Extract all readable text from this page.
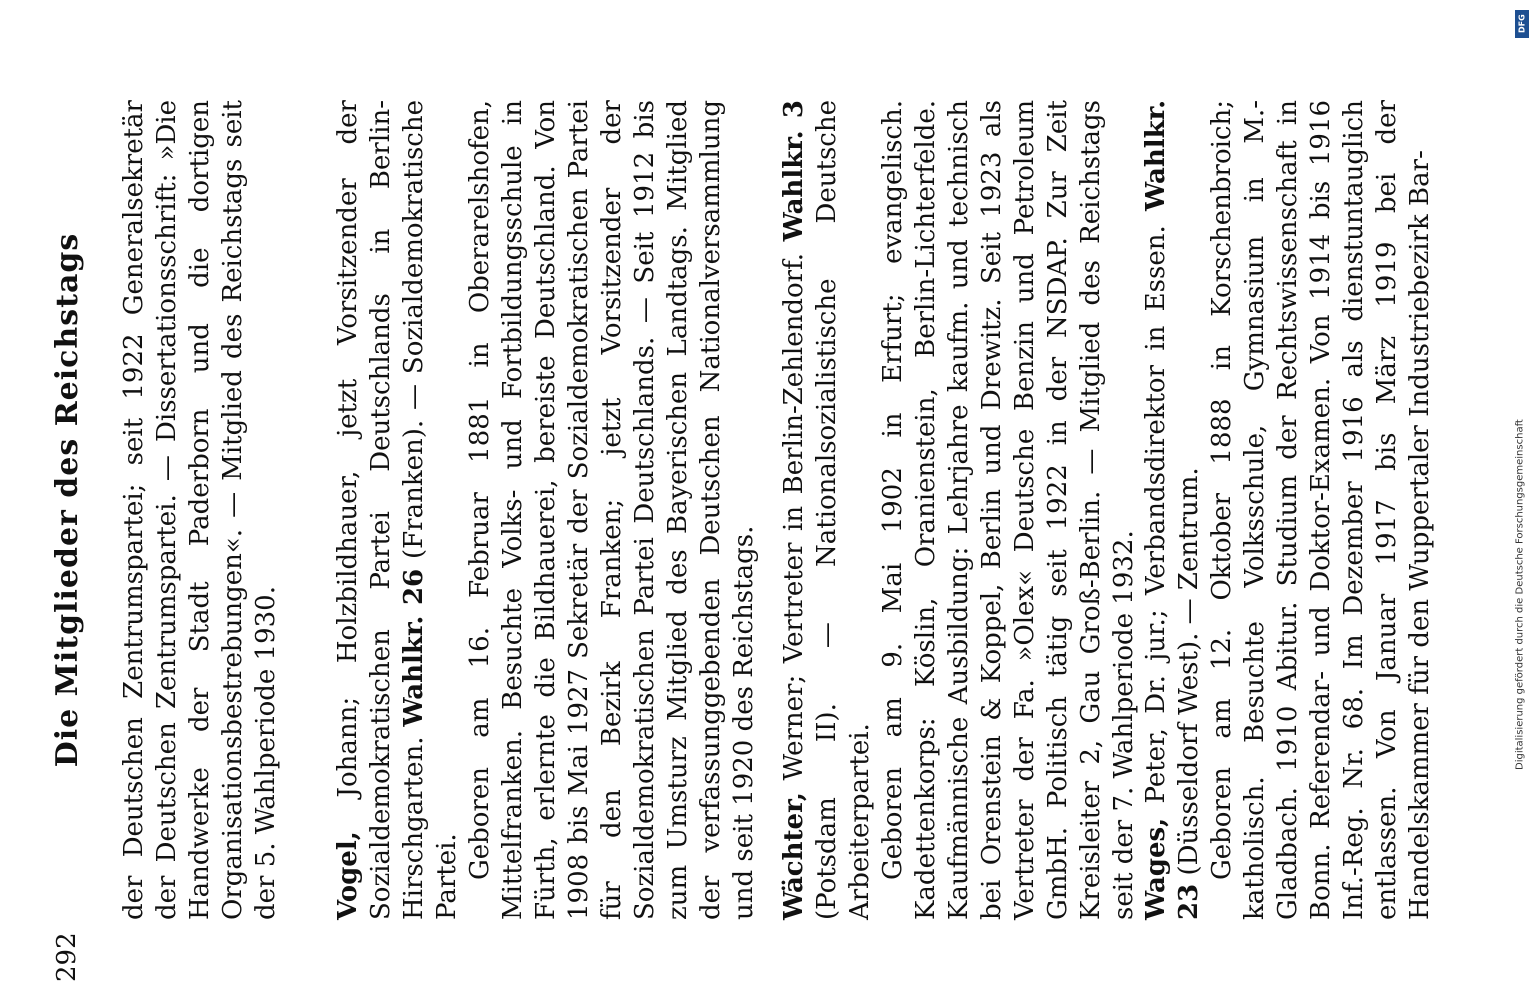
292
Die Mitglieder des Reichstags der Deutschen Zentrumspartei; seit 1922 Generalsekretär der Deutschen Zentrumspartei. — Dissertationsschrift: »Die Handwerke der Stadt Paderborn und die dortigen Organisationsbestrebungen«. — Mitglied des Reichstags seit der 5. Wahlperiode 1930. Vogel, Johann; Holzbildhauer, jetzt Vorsitzender der Sozialdemokratischen Partei Deutschlands in Berlin-Hirschgarten. Wahlkr. 26 (Franken). — Sozialdemokratische Partei. Geboren am 16. Februar 1881 in Oberarelshofen, Mittelfranken. Besuchte Volks- und Fortbildungsschule in Fürth, erlernte die Bildhauerei, bereiste Deutschland. Von 1908 bis Mai 1927 Sekretär der Sozialdemokratischen Partei für den Bezirk Franken; jetzt Vorsitzender der Sozialdemokratischen Partei Deutschlands. — Seit 1912 bis zum Umsturz Mitglied des Bayerischen Landtags. Mitglied der verfassunggebenden Deutschen Nationalversammlung und seit 1920 des Reichstags. Wächter, Werner; Vertreter in Berlin-Zehlendorf. Wahlkr. 3 (Potsdam II). — Nationalsozialistische Deutsche Arbeiterpartei. Geboren am 9. Mai 1902 in Erfurt; evangelisch. Kadettenkorps: Köslin, Oranienstein, Berlin-Lichterfelde. Kaufmännische Ausbildung: Lehrjahre kaufm. und technisch bei Orenstein & Koppel, Berlin und Drewitz. Seit 1923 als Vertreter der Fa. »Olex« Deutsche Benzin und Petroleum GmbH. Politisch tätig seit 1922 in der NSDAP. Zur Zeit Kreisleiter 2, Gau Groß-Berlin. — Mitglied des Reichstags seit der 7. Wahlperiode 1932. Wages, Peter, Dr. jur.; Verbandsdirektor in Essen. Wahlkr. 23 (Düsseldorf West). — Zentrum. Geboren am 12. Oktober 1888 in Korschenbroich; katholisch. Besuchte Volksschule, Gymnasium in M.-Gladbach. 1910 Abitur. Studium der Rechtswissenschaft in Bonn. Referendar- und Doktor-Examen. Von 1914 bis 1916 Inf.-Reg. Nr. 68. Im Dezember 1916 als dienstuntauglich entlassen. Von Januar 1917 bis März 1919 bei der Handelskammer für den Wuppertaler Industriebezirk Bar-

DFG
Digitalisierung gefördert durch die Deutsche Forschungsgemeinschaft
